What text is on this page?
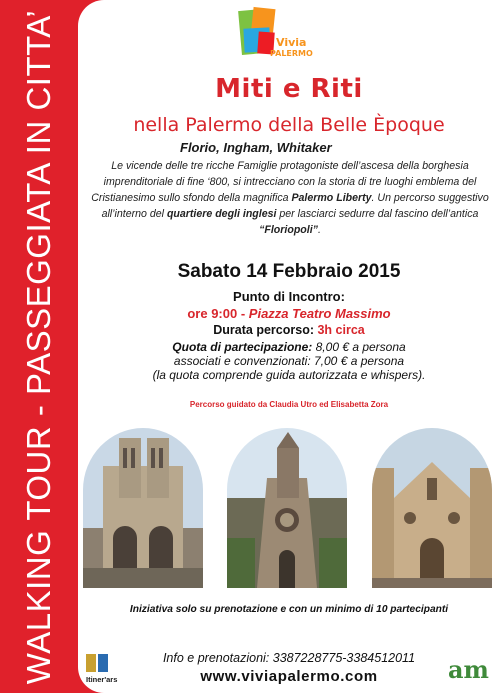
WALKING TOUR - PASSEGGIATA IN CITTA’	Vivia
PALERMO
Miti e Riti
nella Palermo della Belle Èpoque
Florio, Ingham, Whitaker
Le vicende delle tre ricche Famiglie protagoniste dell’ascesa della borghesia imprenditoriale di fine ‘800, si intrecciano con la storia di tre luoghi emblema del Cristianesimo sullo sfondo della magnifica Palermo Liberty. Un percorso suggestivo all’interno del quartiere degli inglesi per lasciarci sedurre dal fascino dell’antica “Floriopoli”.
Sabato 14 Febbraio 2015
Punto di Incontro:
ore 9:00 - Piazza Teatro Massimo
Durata percorso: 3h circa
Quota di partecipazione: 8,00 € a persona
associati e convenzionati: 7,00 € a persona
(la quota comprende guida autorizzata e whispers).
Percorso guidato da Claudia Utro ed Elisabetta Zora
Iniziativa solo su prenotazione e con un minimo di 10 partecipanti
Itiner'ars
Info e prenotazioni: 3387228775-3384512011
www.viviapalermo.com	am
